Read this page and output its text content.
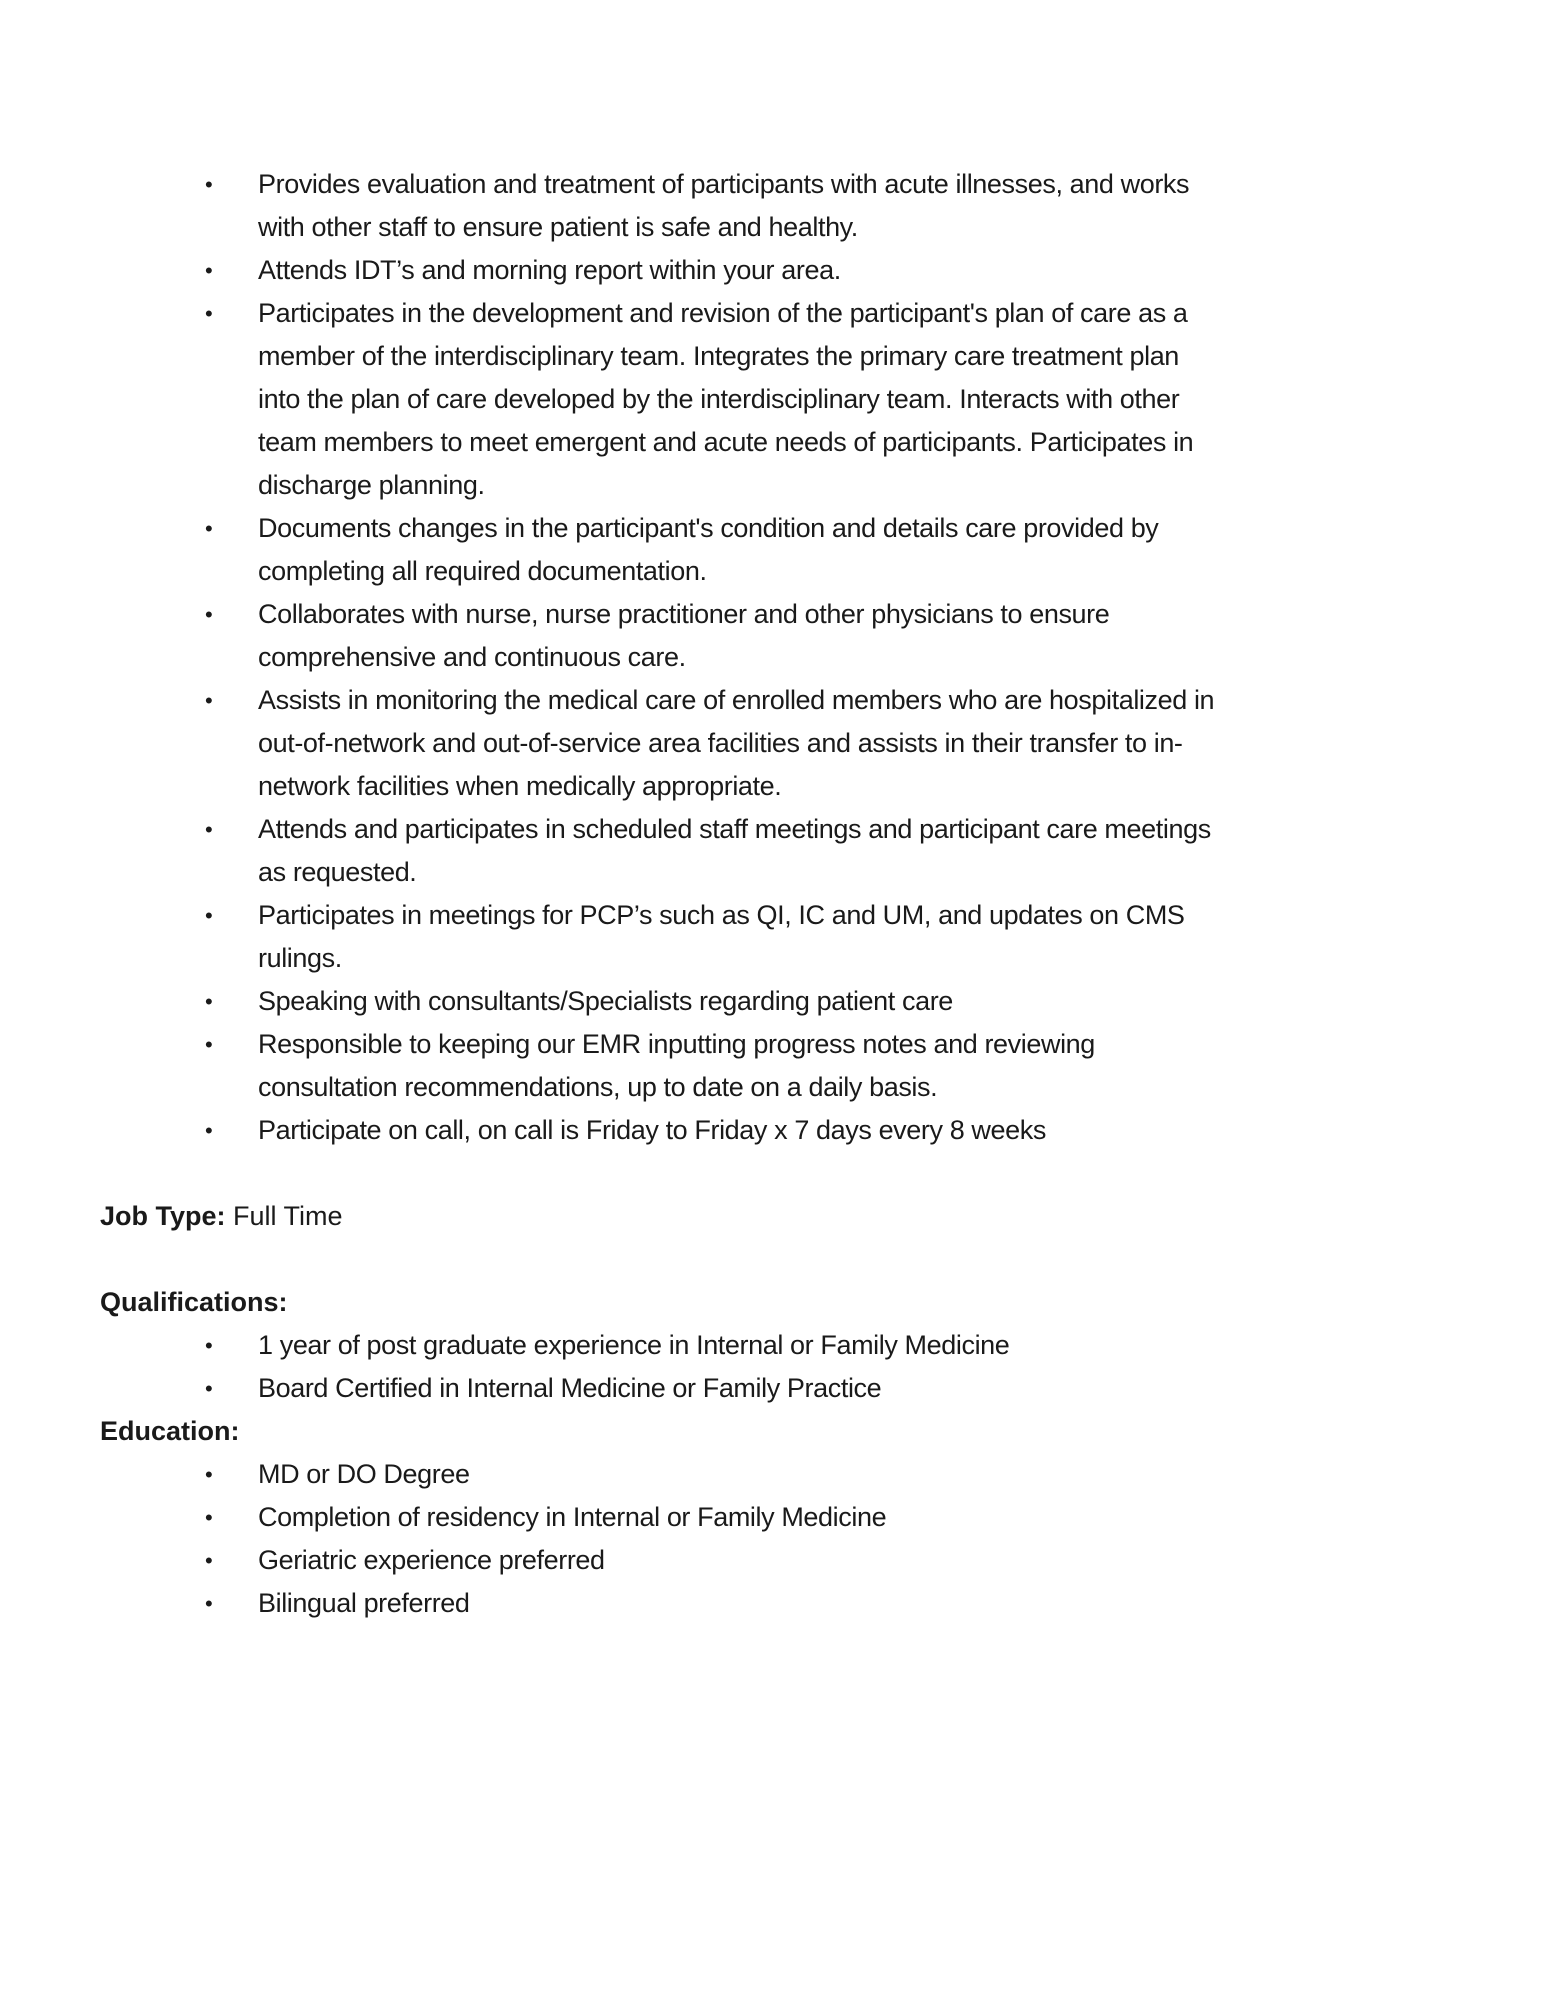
• Provides evaluation and treatment of participants with acute illnesses, and works
with other staff to ensure patient is safe and healthy.
• Attends IDT’s and morning report within your area.
• Participates in the development and revision of the participant's plan of care as a
member of the interdisciplinary team. Integrates the primary care treatment plan
into the plan of care developed by the interdisciplinary team. Interacts with other
team members to meet emergent and acute needs of participants. Participates in
discharge planning.
• Documents changes in the participant's condition and details care provided by
completing all required documentation.
• Collaborates with nurse, nurse practitioner and other physicians to ensure
comprehensive and continuous care.
• Assists in monitoring the medical care of enrolled members who are hospitalized in
out-of-network and out-of-service area facilities and assists in their transfer to in-
network facilities when medically appropriate.
• Attends and participates in scheduled staff meetings and participant care meetings
as requested.
• Participates in meetings for PCP’s such as QI, IC and UM, and updates on CMS
rulings.
• Speaking with consultants/Specialists regarding patient care
• Responsible to keeping our EMR inputting progress notes and reviewing
consultation recommendations, up to date on a daily basis.
• Participate on call, on call is Friday to Friday x 7 days every 8 weeks
Job Type: Full Time
Qualifications:
• 1 year of post graduate experience in Internal or Family Medicine
• Board Certified in Internal Medicine or Family Practice
Education:
• MD or DO Degree
• Completion of residency in Internal or Family Medicine
• Geriatric experience preferred
• Bilingual preferred
